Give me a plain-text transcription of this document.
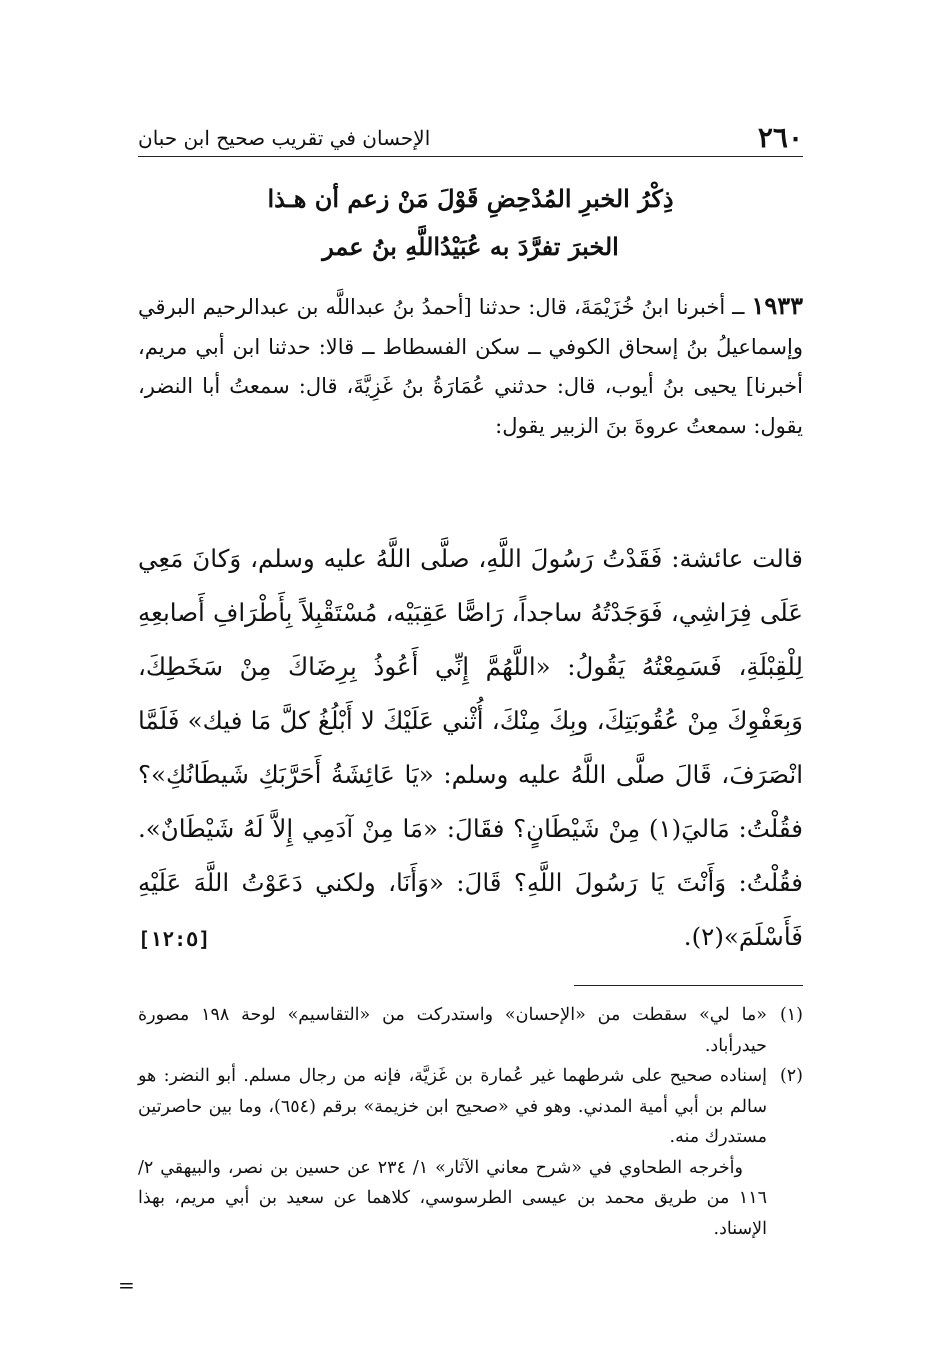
٢٦٠
الإحسان في تقريب صحيح ابن حبان
ذِكْرُ الخبرِ المُدْحِضِ قَوْلَ مَنْ زعم أن هـذا
الخبرَ تفرَّدَ به عُبَيْدُاللَّهِ بنُ عمر
١٩٣٣ ــ أخبرنا ابنُ خُزَيْمَةَ، قال: حدثنا [أحمدُ بنُ عبداللَّه بن عبدالرحيم البرقي وإسماعيلُ بنُ إسحاق الكوفي ــ سكن الفسطاط ــ قالا: حدثنا ابن أبي مريم، أخبرنا] يحيى بنُ أيوب، قال: حدثني عُمَارَةُ بنُ غَزِيَّةَ، قال: سمعتُ أبا النضر، يقول: سمعتُ عروةَ بنَ الزبير يقول:
قالت عائشة: فَقَدْتُ رَسُولَ اللَّهِ، صلَّى اللَّهُ عليه وسلم، وَكانَ مَعِي عَلَى فِرَاشِي، فَوَجَدْتُهُ ساجداً، رَاصًّا عَقِبَيْه، مُسْتَقْبِلاً بِأَطْرَافِ أَصابعِهِ لِلْقِبْلَةِ، فَسَمِعْتُهُ يَقُولُ: «اللَّهُمَّ إِنِّي أَعُوذُ بِرِضَاكَ مِنْ سَخَطِكَ، وَبِعَفْوِكَ مِنْ عُقُوبَتِكَ، وبِكَ مِنْكَ، أُثْني عَلَيْكَ لا أَبْلُغُ كلَّ مَا فيك» فَلَمَّا انْصَرَفَ، قَالَ صلَّى اللَّهُ عليه وسلم: «يَا عَائِشَةُ أَحَرَّبَكِ شَيطَانُكِ»؟ فقُلْتُ: مَاليَ(١) مِنْ شَيْطَانٍ؟ فقَالَ: «مَا مِنْ آدَمِي إِلاَّ لَهُ شَيْطَانٌ». فقُلْتُ: وَأَنْتَ يَا رَسُولَ اللَّهِ؟ قَالَ: «وَأَنَا، ولكني دَعَوْتُ اللَّهَ عَلَيْهِ فَأَسْلَمَ»(٢).
[١٢:٥]
(١)

«ما لي» سقطت من «الإحسان» واستدركت من «التقاسيم» لوحة ١٩٨ مصورة حيدرأباد.

(٢)

إسناده صحيح على شرطهما غير عُمارة بن غَزيَّة، فإنه من رجال مسلم. أبو النضر: هو سالم بن أبي أمية المدني. وهو في «صحيح ابن خزيمة» برقم (٦٥٤)، وما بين حاصرتين مستدرك منه.

وأخرجه الطحاوي في «شرح معاني الآثار» ١/ ٢٣٤ عن حسين بن نصر، والبيهقي ٢/ ١١٦ من طريق محمد بن عيسى الطرسوسي، كلاهما عن سعيد بن أبي مريم، بهذا الإسناد.

=
